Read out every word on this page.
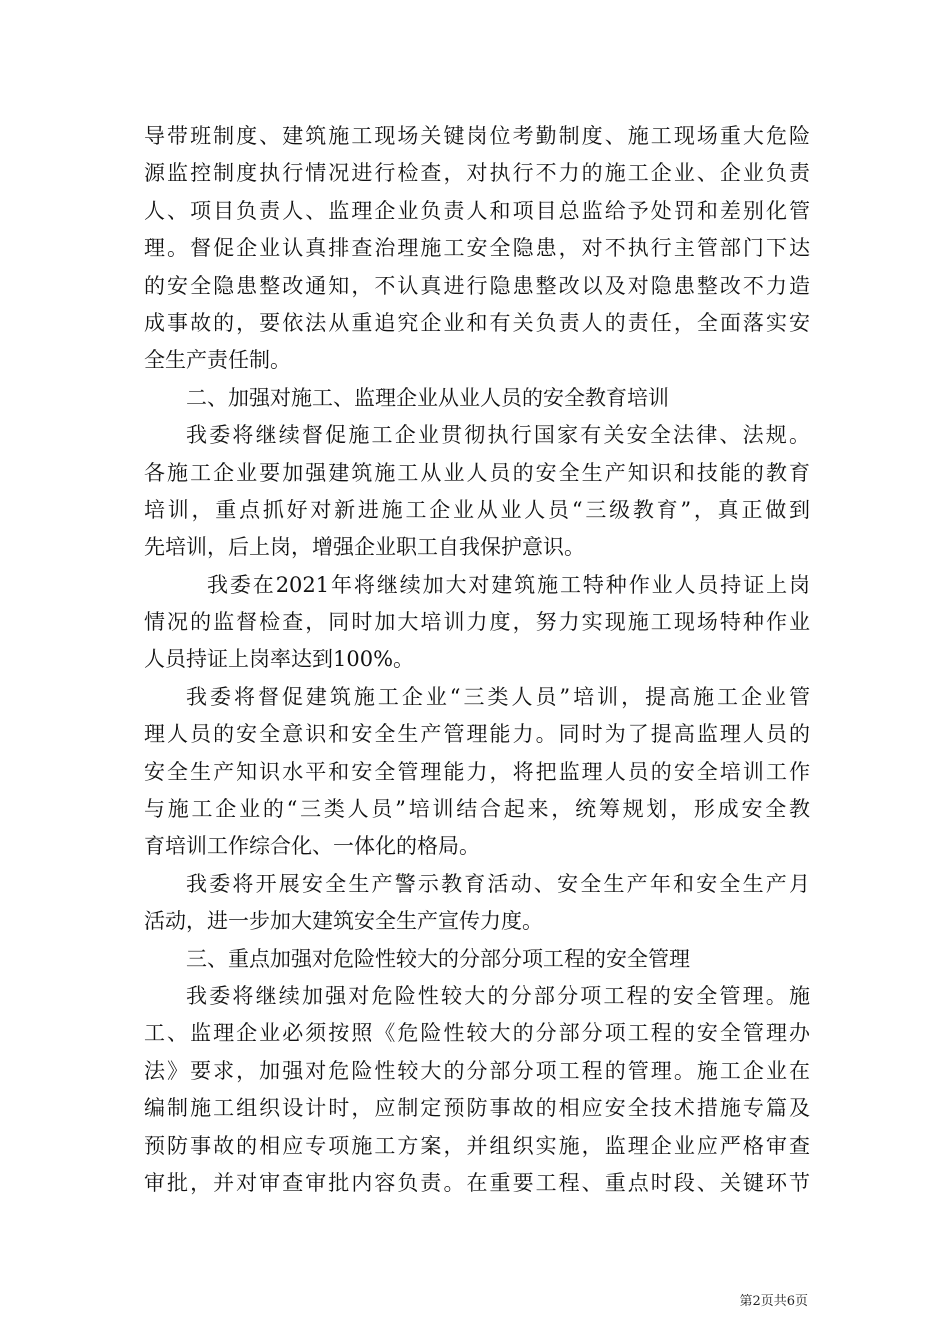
导带班制度、建筑施工现场关键岗位考勤制度、施工现场重大危险
源监控制度执行情况进行检查，对执行不力的施工企业、企业负责
人、项目负责人、监理企业负责人和项目总监给予处罚和差别化管
理。督促企业认真排查治理施工安全隐患，对不执行主管部门下达
的安全隐患整改通知，不认真进行隐患整改以及对隐患整改不力造
成事故的，要依法从重追究企业和有关负责人的责任，全面落实安
全生产责任制。
二、加强对施工、监理企业从业人员的安全教育培训
我委将继续督促施工企业贯彻执行国家有关安全法律、法规。
各施工企业要加强建筑施工从业人员的安全生产知识和技能的教育
培训，重点抓好对新进施工企业从业人员“三级教育”，真正做到
先培训，后上岗，增强企业职工自我保护意识。
我委在2021年将继续加大对建筑施工特种作业人员持证上岗
情况的监督检查，同时加大培训力度，努力实现施工现场特种作业
人员持证上岗率达到100%。
我委将督促建筑施工企业“三类人员”培训，提高施工企业管
理人员的安全意识和安全生产管理能力。同时为了提高监理人员的
安全生产知识水平和安全管理能力，将把监理人员的安全培训工作
与施工企业的“三类人员”培训结合起来，统筹规划，形成安全教
育培训工作综合化、一体化的格局。
我委将开展安全生产警示教育活动、安全生产年和安全生产月
活动，进一步加大建筑安全生产宣传力度。
三、重点加强对危险性较大的分部分项工程的安全管理
我委将继续加强对危险性较大的分部分项工程的安全管理。施
工、监理企业必须按照《危险性较大的分部分项工程的安全管理办
法》要求，加强对危险性较大的分部分项工程的管理。施工企业在
编制施工组织设计时，应制定预防事故的相应安全技术措施专篇及
预防事故的相应专项施工方案，并组织实施，监理企业应严格审查
审批，并对审查审批内容负责。在重要工程、重点时段、关键环节
第2页共6页
